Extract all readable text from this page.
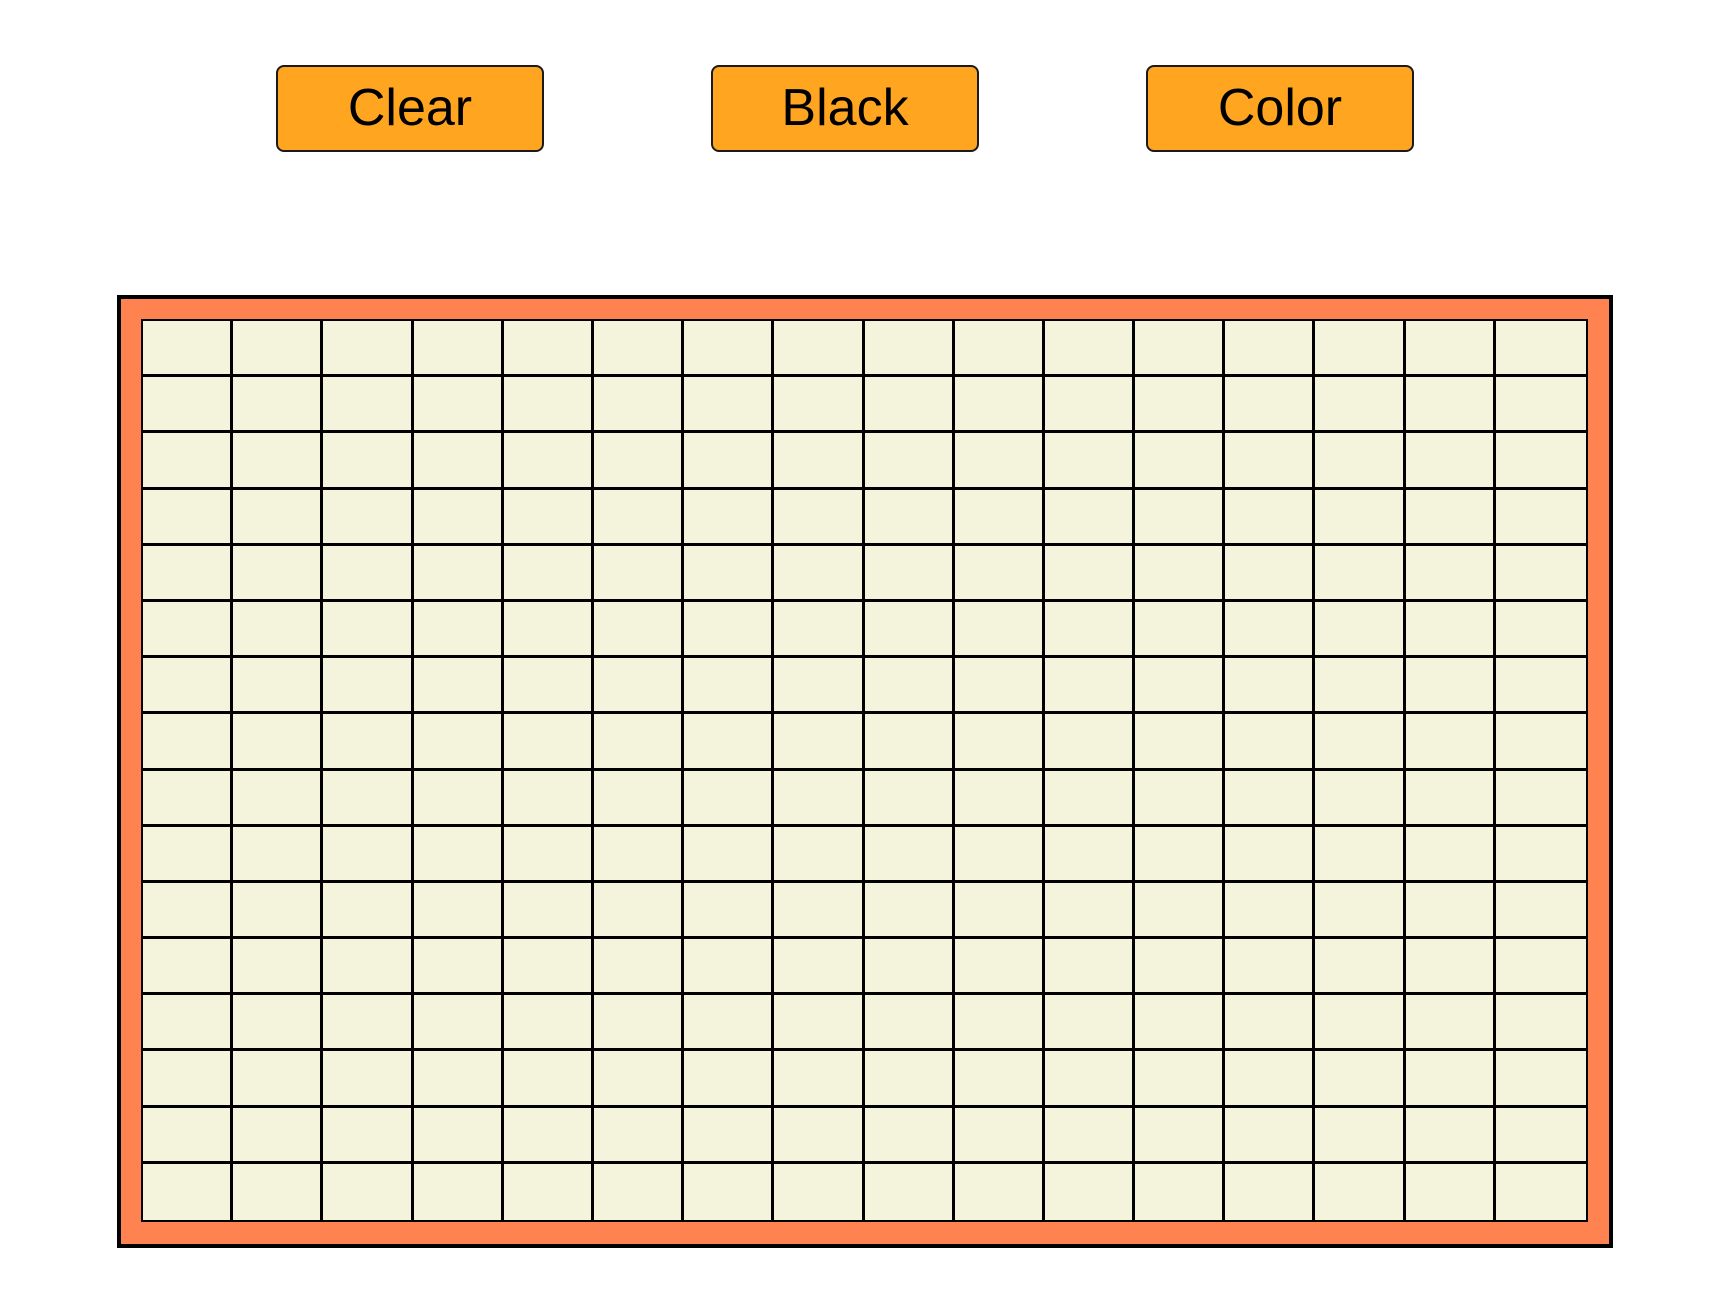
Clear	Black	Color
